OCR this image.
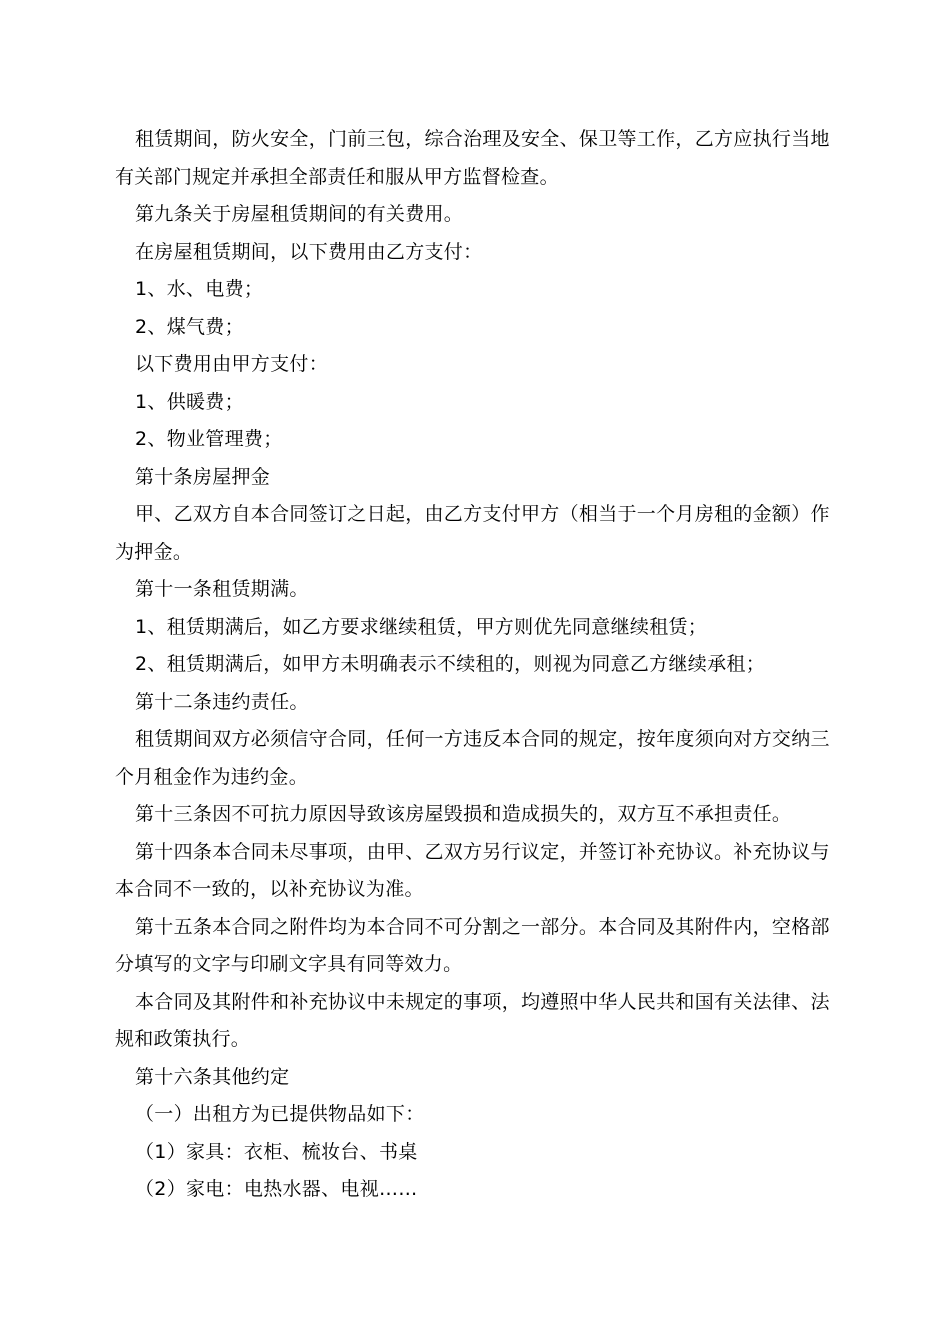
租赁期间，防火安全，门前三包，综合治理及安全、保卫等工作，乙方应执行当地有关部门规定并承担全部责任和服从甲方监督检查。

第九条关于房屋租赁期间的有关费用。

在房屋租赁期间，以下费用由乙方支付：

1、水、电费；

2、煤气费；

以下费用由甲方支付：

1、供暖费；

2、物业管理费；

第十条房屋押金

甲、乙双方自本合同签订之日起，由乙方支付甲方（相当于一个月房租的金额）作为押金。

第十一条租赁期满。

1、租赁期满后，如乙方要求继续租赁，甲方则优先同意继续租赁；

2、租赁期满后，如甲方未明确表示不续租的，则视为同意乙方继续承租；

第十二条违约责任。

租赁期间双方必须信守合同，任何一方违反本合同的规定，按年度须向对方交纳三个月租金作为违约金。

第十三条因不可抗力原因导致该房屋毁损和造成损失的，双方互不承担责任。

第十四条本合同未尽事项，由甲、乙双方另行议定，并签订补充协议。补充协议与本合同不一致的，以补充协议为准。

第十五条本合同之附件均为本合同不可分割之一部分。本合同及其附件内，空格部分填写的文字与印刷文字具有同等效力。

本合同及其附件和补充协议中未规定的事项，均遵照中华人民共和国有关法律、法规和政策执行。

第十六条其他约定

（一）出租方为已提供物品如下：

（1）家具：衣柜、梳妆台、书桌

（2）家电：电热水器、电视……
